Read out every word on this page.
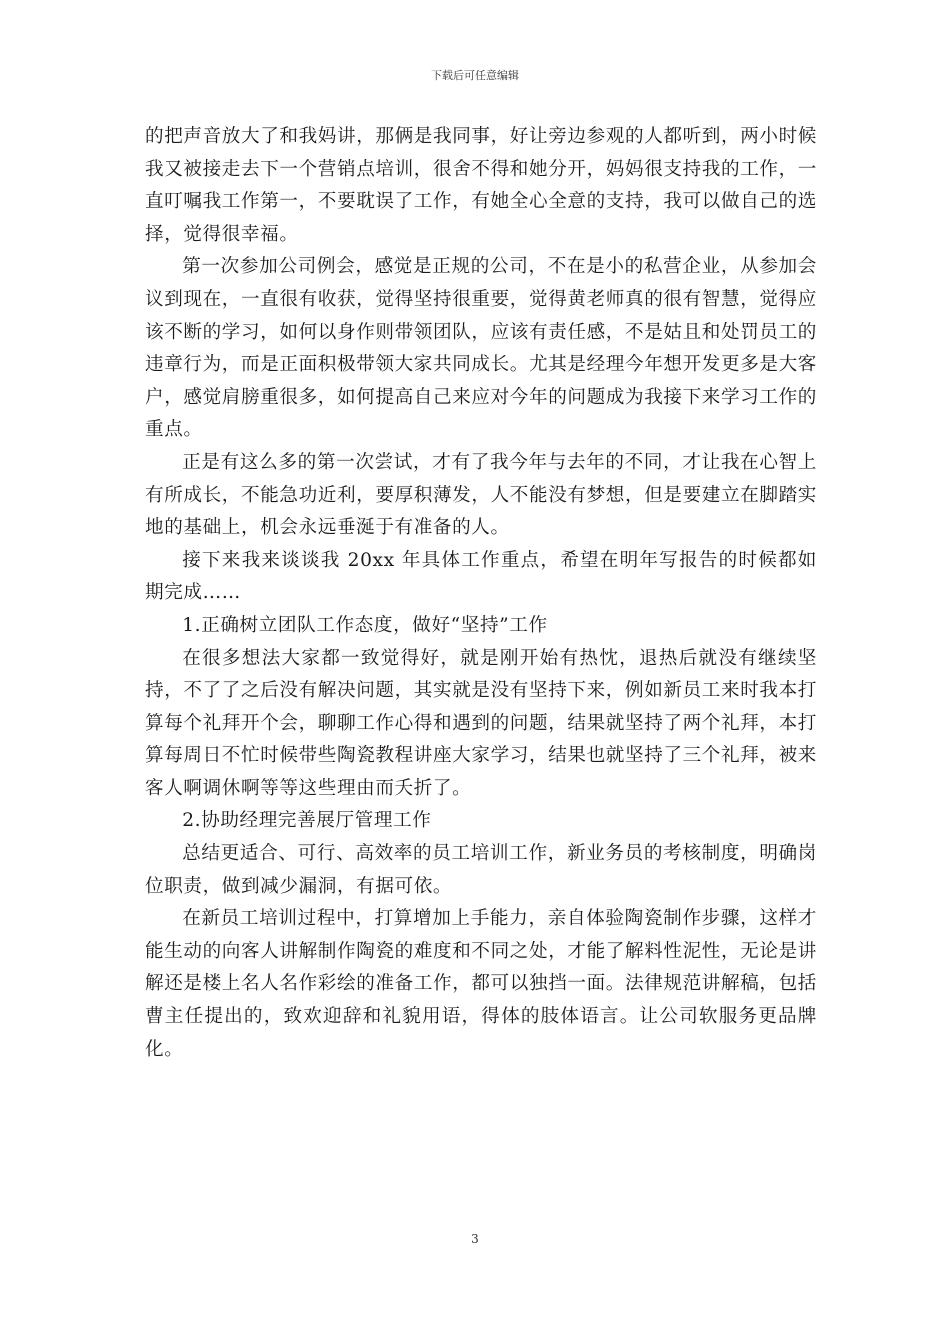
下载后可任意编辑

的把声音放大了和我妈讲，那俩是我同事，好让旁边参观的人都听到，两小时候我又被接走去下一个营销点培训，很舍不得和她分开，妈妈很支持我的工作，一直叮嘱我工作第一，不要耽误了工作，有她全心全意的支持，我可以做自己的选择，觉得很幸福。

第一次参加公司例会，感觉是正规的公司，不在是小的私营企业，从参加会议到现在，一直很有收获，觉得坚持很重要，觉得黄老师真的很有智慧，觉得应该不断的学习，如何以身作则带领团队，应该有责任感，不是姑且和处罚员工的违章行为，而是正面积极带领大家共同成长。尤其是经理今年想开发更多是大客户，感觉肩膀重很多，如何提高自己来应对今年的问题成为我接下来学习工作的重点。

正是有这么多的第一次尝试，才有了我今年与去年的不同，才让我在心智上有所成长，不能急功近利，要厚积薄发，人不能没有梦想，但是要建立在脚踏实地的基础上，机会永远垂涎于有准备的人。

接下来我来谈谈我 20xx 年具体工作重点，希望在明年写报告的时候都如期完成……

1.正确树立团队工作态度，做好“坚持”工作

在很多想法大家都一致觉得好，就是刚开始有热忱，退热后就没有继续坚持，不了了之后没有解决问题，其实就是没有坚持下来，例如新员工来时我本打算每个礼拜开个会，聊聊工作心得和遇到的问题，结果就坚持了两个礼拜，本打算每周日不忙时候带些陶瓷教程讲座大家学习，结果也就坚持了三个礼拜，被来客人啊调休啊等等这些理由而夭折了。

2.协助经理完善展厅管理工作

总结更适合、可行、高效率的员工培训工作，新业务员的考核制度，明确岗位职责，做到减少漏洞，有据可依。

在新员工培训过程中，打算增加上手能力，亲自体验陶瓷制作步骤，这样才能生动的向客人讲解制作陶瓷的难度和不同之处，才能了解料性泥性，无论是讲解还是楼上名人名作彩绘的准备工作，都可以独挡一面。法律规范讲解稿，包括曹主任提出的，致欢迎辞和礼貌用语，得体的肢体语言。让公司软服务更品牌化。

3
